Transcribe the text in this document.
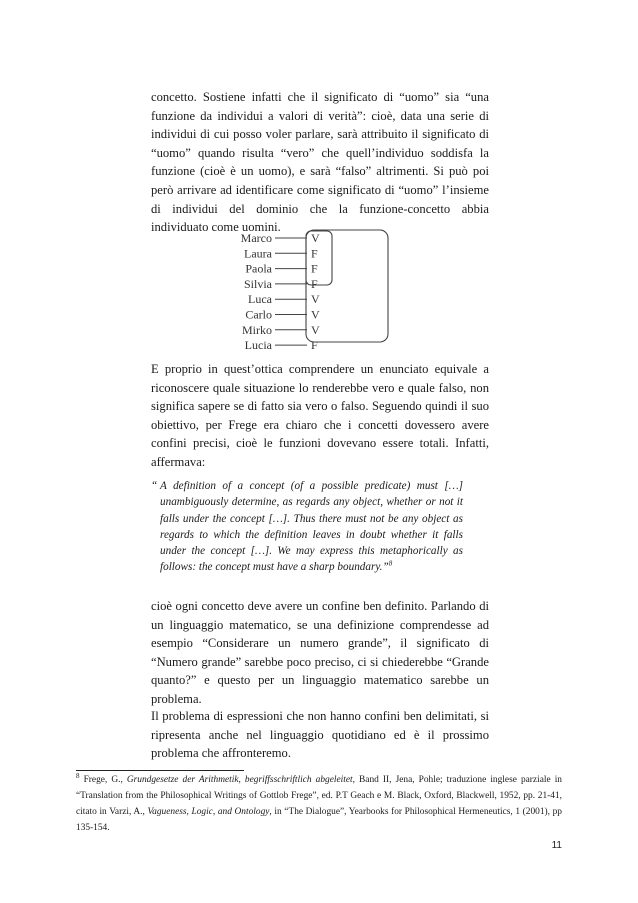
concetto. Sostiene infatti che il significato di “uomo” sia “una funzione da individui a valori di verità”: cioè, data una serie di individui di cui posso voler parlare, sarà attribuito il significato di “uomo” quando risulta “vero” che quell’individuo soddisfa la funzione (cioè è un uomo), e sarà “falso” altrimenti. Si può poi però arrivare ad identificare come significato di “uomo” l’insieme di individui del dominio che la funzione-concetto abbia individuato come uomini.

Marco	V
Laura	F
Paola	F
Silvia	F
Luca	V
Carlo	V
Mirko	V
Lucia	F

E proprio in quest’ottica comprendere un enunciato equivale a riconoscere quale situazione lo renderebbe vero e quale falso, non significa sapere se di fatto sia vero o falso. Seguendo quindi il suo obiettivo, per Frege era chiaro che i concetti dovessero avere confini precisi, cioè le funzioni dovevano essere totali. Infatti, affermava:

“ A definition of a concept (of a possible predicate) must […] unambiguously determine, as regards any object, whether or not it falls under the concept […]. Thus there must not be any object as regards to which the definition leaves in doubt whether it falls under the concept […]. We may express this metaphorically as follows: the concept must have a sharp boundary.”$^8$

cioè ogni concetto deve avere un confine ben definito. Parlando di un linguaggio matematico, se una definizione comprendesse ad esempio “Considerare un numero grande”, il significato di “Numero grande” sarebbe poco preciso, ci si chiederebbe “Grande quanto?” e questo per un linguaggio matematico sarebbe un problema.

Il problema di espressioni che non hanno confini ben delimitati, si ripresenta anche nel linguaggio quotidiano ed è il prossimo problema che affronteremo.

$^8$ Frege, G., Grundgesetze der Arithmetik, begriffsschriftlich abgeleitet, Band II, Jena, Pohle; traduzione inglese parziale in “Translation from the Philosophical Writings of Gottlob Frege”, ed. P.T Geach e M. Black, Oxford, Blackwell, 1952, pp. 21-41, citato in Varzi, A., Vagueness, Logic, and Ontology, in “The Dialogue”, Yearbooks for Philosophical Hermeneutics, 1 (2001), pp 135-154.

11
